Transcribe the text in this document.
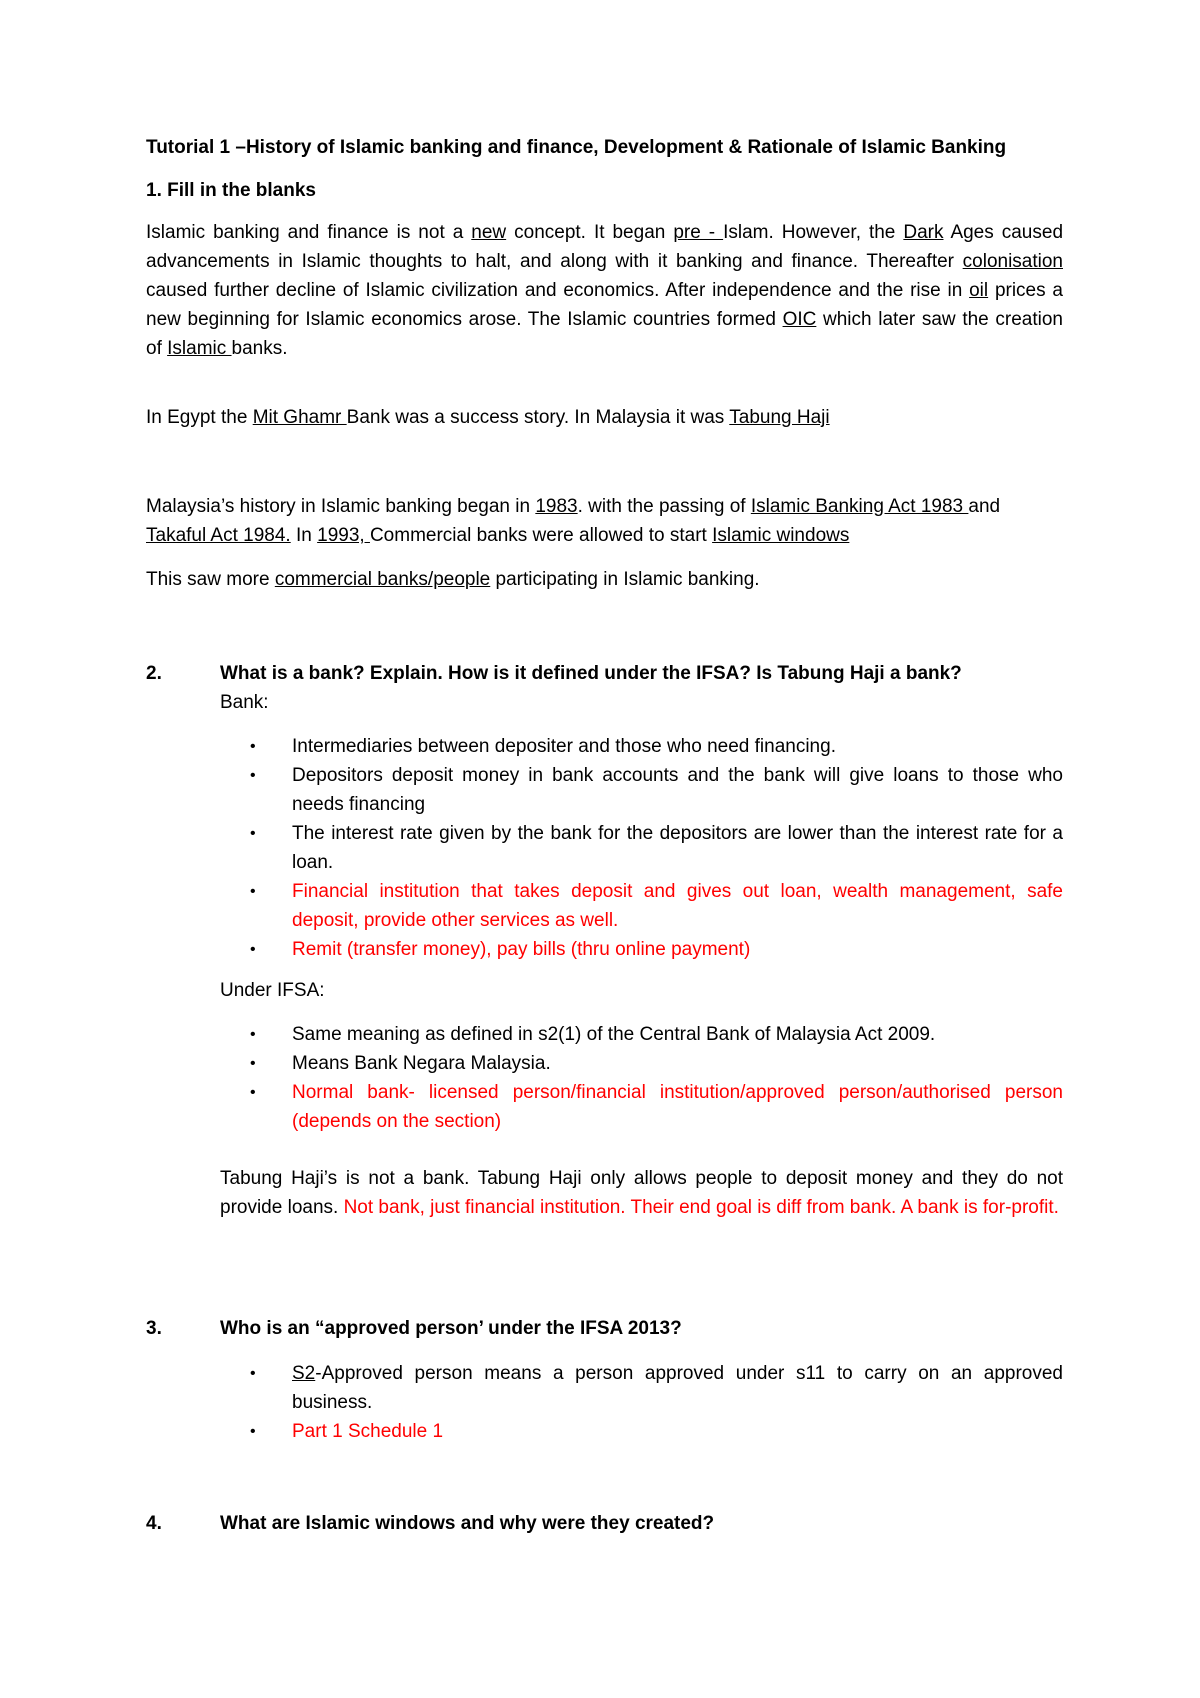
Tutorial 1 –History of Islamic banking and finance, Development & Rationale of Islamic Banking
1. Fill in the blanks
Islamic banking and finance is not a new concept. It began pre - Islam. However, the Dark Ages caused advancements in Islamic thoughts to halt, and along with it banking and finance. Thereafter colonisation caused further decline of Islamic civilization and economics. After independence and the rise in oil prices a new beginning for Islamic economics arose. The Islamic countries formed OIC which later saw the creation of Islamic banks.
In Egypt the Mit Ghamr Bank was a success story. In Malaysia it was Tabung Haji
Malaysia’s history in Islamic banking began in 1983. with the passing of Islamic Banking Act 1983 and Takaful Act 1984. In 1993, Commercial banks were allowed to start Islamic windows
This saw more commercial banks/people participating in Islamic banking.
2.	What is a bank? Explain. How is it defined under the IFSA? Is Tabung Haji a bank?
Bank:
• Intermediaries between depositer and those who need financing.
• Depositors deposit money in bank accounts and the bank will give loans to those who needs financing
• The interest rate given by the bank for the depositors are lower than the interest rate for a loan.
• Financial institution that takes deposit and gives out loan, wealth management, safe deposit, provide other services as well.
• Remit (transfer money), pay bills (thru online payment)
Under IFSA:
• Same meaning as defined in s2(1) of the Central Bank of Malaysia Act 2009.
• Means Bank Negara Malaysia.
• Normal bank- licensed person/financial institution/approved person/authorised person (depends on the section)
Tabung Haji’s is not a bank. Tabung Haji only allows people to deposit money and they do not provide loans. Not bank, just financial institution. Their end goal is diff from bank. A bank is for-profit.
3.	Who is an “approved person’ under the IFSA 2013?
• S2-Approved person means a person approved under s11 to carry on an approved business.
• Part 1 Schedule 1
4.	What are Islamic windows and why were they created?
